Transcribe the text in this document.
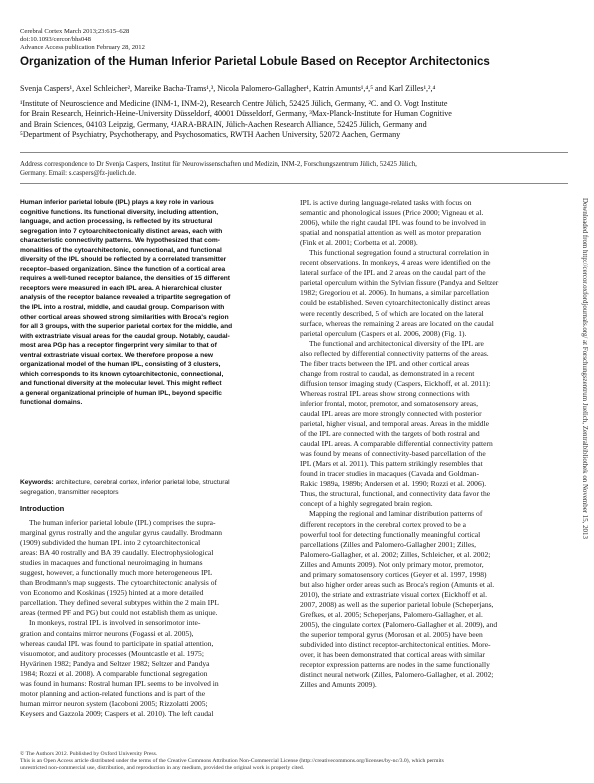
Cerebral Cortex March 2013;23:615–628
doi:10.1093/cercor/bhs048
Advance Access publication February 28, 2012
Organization of the Human Inferior Parietal Lobule Based on Receptor Architectonics
Svenja Caspers¹, Axel Schleicher², Mareike Bacha-Trams¹,³, Nicola Palomero-Gallagher¹, Katrin Amunts¹,⁴,⁵ and Karl Zilles¹,²,⁴
¹Institute of Neuroscience and Medicine (INM-1, INM-2), Research Centre Jülich, 52425 Jülich, Germany, ²C. and O. Vogt Institute
for Brain Research, Heinrich-Heine-University Düsseldorf, 40001 Düsseldorf, Germany, ³Max-Planck-Institute for Human Cognitive
and Brain Sciences, 04103 Leipzig, Germany, ⁴JARA-BRAIN, Jülich-Aachen Research Alliance, 52425 Jülich, Germany and
⁵Department of Psychiatry, Psychotherapy, and Psychosomatics, RWTH Aachen University, 52072 Aachen, Germany
Address correspondence to Dr Svenja Caspers, Institut für Neurowissenschaften und Medizin, INM-2, Forschungszentrum Jülich, 52425 Jülich,
Germany. Email: s.caspers@fz-juelich.de.
Human inferior parietal lobule (IPL) plays a key role in various
cognitive functions. Its functional diversity, including attention,
language, and action processing, is reflected by its structural
segregation into 7 cytoarchitectonically distinct areas, each with
characteristic connectivity patterns. We hypothesized that com-
monalities of the cytoarchitectonic, connectional, and functional
diversity of the IPL should be reflected by a correlated transmitter
receptor–based organization. Since the function of a cortical area
requires a well-tuned receptor balance, the densities of 15 different
receptors were measured in each IPL area. A hierarchical cluster
analysis of the receptor balance revealed a tripartite segregation of
the IPL into a rostral, middle, and caudal group. Comparison with
other cortical areas showed strong similarities with Broca's region
for all 3 groups, with the superior parietal cortex for the middle, and
with extrastriate visual areas for the caudal group. Notably, caudal-
most area PGp has a receptor fingerprint very similar to that of
ventral extrastriate visual cortex. We therefore propose a new
organizational model of the human IPL, consisting of 3 clusters,
which corresponds to its known cytoarchitectonic, connectional,
and functional diversity at the molecular level. This might reflect
a general organizational principle of human IPL, beyond specific
functional domains.
Keywords: architecture, cerebral cortex, inferior parietal lobe, structural
segregation, transmitter receptors
Introduction
The human inferior parietal lobule (IPL) comprises the supra-
marginal gyrus rostrally and the angular gyrus caudally. Brodmann
(1909) subdivided the human IPL into 2 cytoarchitectonical
areas: BA 40 rostrally and BA 39 caudally. Electrophysiological
studies in macaques and functional neuroimaging in humans
suggest, however, a functionally much more heterogeneous IPL
than Brodmann's map suggests. The cytoarchitectonic analysis of
von Economo and Koskinas (1925) hinted at a more detailed
parcellation. They defined several subtypes within the 2 main IPL
areas (termed PF and PG) but could not establish them as unique.
In monkeys, rostral IPL is involved in sensorimotor inte-
gration and contains mirror neurons (Fogassi et al. 2005),
whereas caudal IPL was found to participate in spatial attention,
visuomotor, and auditory processes (Mountcastle et al. 1975;
Hyvärinen 1982; Pandya and Seltzer 1982; Seltzer and Pandya
1984; Rozzi et al. 2008). A comparable functional segregation
was found in humans: Rostral human IPL seems to be involved in
motor planning and action-related functions and is part of the
human mirror neuron system (Iacoboni 2005; Rizzolatti 2005;
Keysers and Gazzola 2009; Caspers et al. 2010). The left caudal
IPL is active during language-related tasks with focus on
semantic and phonological issues (Price 2000; Vigneau et al.
2006), while the right caudal IPL was found to be involved in
spatial and nonspatial attention as well as motor preparation
(Fink et al. 2001; Corbetta et al. 2008).
This functional segregation found a structural correlation in
recent observations. In monkeys, 4 areas were identified on the
lateral surface of the IPL and 2 areas on the caudal part of the
parietal operculum within the Sylvian fissure (Pandya and Seltzer
1982; Gregoriou et al. 2006). In humans, a similar parcellation
could be established. Seven cytoarchitectonically distinct areas
were recently described, 5 of which are located on the lateral
surface, whereas the remaining 2 areas are located on the caudal
parietal operculum (Caspers et al. 2006, 2008) (Fig. 1).
The functional and architectonical diversity of the IPL are
also reflected by differential connectivity patterns of the areas.
The fiber tracts between the IPL and other cortical areas
change from rostral to caudal, as demonstrated in a recent
diffusion tensor imaging study (Caspers, Eickhoff, et al. 2011):
Whereas rostral IPL areas show strong connections with
inferior frontal, motor, premotor, and somatosensory areas,
caudal IPL areas are more strongly connected with posterior
parietal, higher visual, and temporal areas. Areas in the middle
of the IPL are connected with the targets of both rostral and
caudal IPL areas. A comparable differential connectivity pattern
was found by means of connectivity-based parcellation of the
IPL (Mars et al. 2011). This pattern strikingly resembles that
found in tracer studies in macaques (Cavada and Goldman-
Rakic 1989a, 1989b; Andersen et al. 1990; Rozzi et al. 2006).
Thus, the structural, functional, and connectivity data favor the
concept of a highly segregated brain region.
Mapping the regional and laminar distribution patterns of
different receptors in the cerebral cortex proved to be a
powerful tool for detecting functionally meaningful cortical
parcellations (Zilles and Palomero-Gallagher 2001; Zilles,
Palomero-Gallagher, et al. 2002; Zilles, Schleicher, et al. 2002;
Zilles and Amunts 2009). Not only primary motor, premotor,
and primary somatosensory cortices (Geyer et al. 1997, 1998)
but also higher order areas such as Broca's region (Amunts et al.
2010), the striate and extrastriate visual cortex (Eickhoff et al.
2007, 2008) as well as the superior parietal lobule (Scheperjans,
Grefkes, et al. 2005; Scheperjans, Palomero-Gallagher, et al.
2005), the cingulate cortex (Palomero-Gallagher et al. 2009), and
the superior temporal gyrus (Morosan et al. 2005) have been
subdivided into distinct receptor-architectonical entities. More-
over, it has been demonstrated that cortical areas with similar
receptor expression patterns are nodes in the same functionally
distinct neural network (Zilles, Palomero-Gallagher, et al. 2002;
Zilles and Amunts 2009).
© The Authors 2012. Published by Oxford University Press.
This is an Open Access article distributed under the terms of the Creative Commons Attribution Non-Commercial License (http://creativecommons.org/licenses/by-nc/3.0), which permits
unrestricted non-commercial use, distribution, and reproduction in any medium, provided the original work is properly cited.
Downloaded from http://cercor.oxfordjournals.org/ at Forschungszentrum Juelich, Zentralbibliothek on November 15, 2013
